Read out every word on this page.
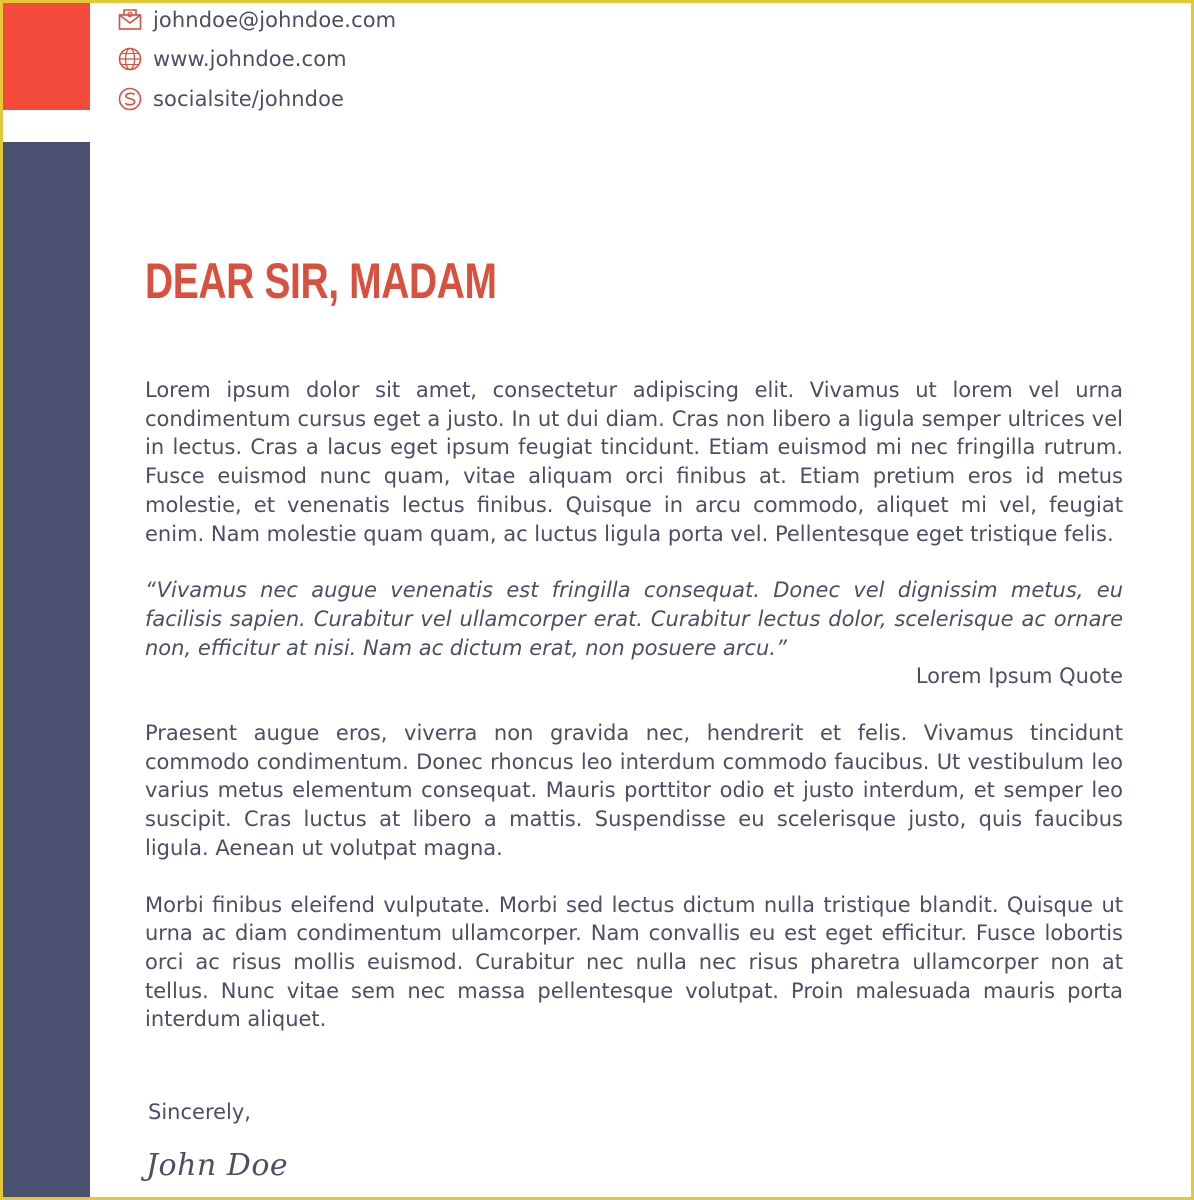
johndoe@johndoe.com
www.johndoe.com
socialsite/johndoe
DEAR SIR, MADAM

Lorem ipsum dolor sit amet, consectetur adipiscing elit. Vivamus ut lorem vel urna condimentum cursus eget a justo. In ut dui diam. Cras non libero a ligula semper ultrices vel in lectus. Cras a lacus eget ipsum feugiat tincidunt. Etiam euismod mi nec fringilla rutrum. Fusce euismod nunc quam, vitae aliquam orci finibus at. Etiam pretium eros id metus molestie, et venenatis lectus finibus. Quisque in arcu commodo, aliquet mi vel, feugiat enim. Nam molestie quam quam, ac luctus ligula porta vel. Pellentesque eget tristique felis.

“Vivamus nec augue venenatis est fringilla consequat. Donec vel dignissim metus, eu facilisis sapien. Curabitur vel ullamcorper erat. Curabitur lectus dolor, scelerisque ac ornare non, efficitur at nisi. Nam ac dictum erat, non posuere arcu.”

Lorem Ipsum Quote

Praesent augue eros, viverra non gravida nec, hendrerit et felis. Vivamus tincidunt commodo condimentum. Donec rhoncus leo interdum commodo faucibus. Ut vestibulum leo varius metus elementum consequat. Mauris porttitor odio et justo interdum, et semper leo suscipit. Cras luctus at libero a mattis. Suspendisse eu scelerisque justo, quis faucibus ligula. Aenean ut volutpat magna.

Morbi finibus eleifend vulputate. Morbi sed lectus dictum nulla tristique blandit. Quisque ut urna ac diam condimentum ullamcorper. Nam convallis eu est eget efficitur. Fusce lobortis orci ac risus mollis euismod. Curabitur nec nulla nec risus pharetra ullamcorper non at tellus. Nunc vitae sem nec massa pellentesque volutpat. Proin malesuada mauris porta interdum aliquet.

Sincerely,
John Doe
